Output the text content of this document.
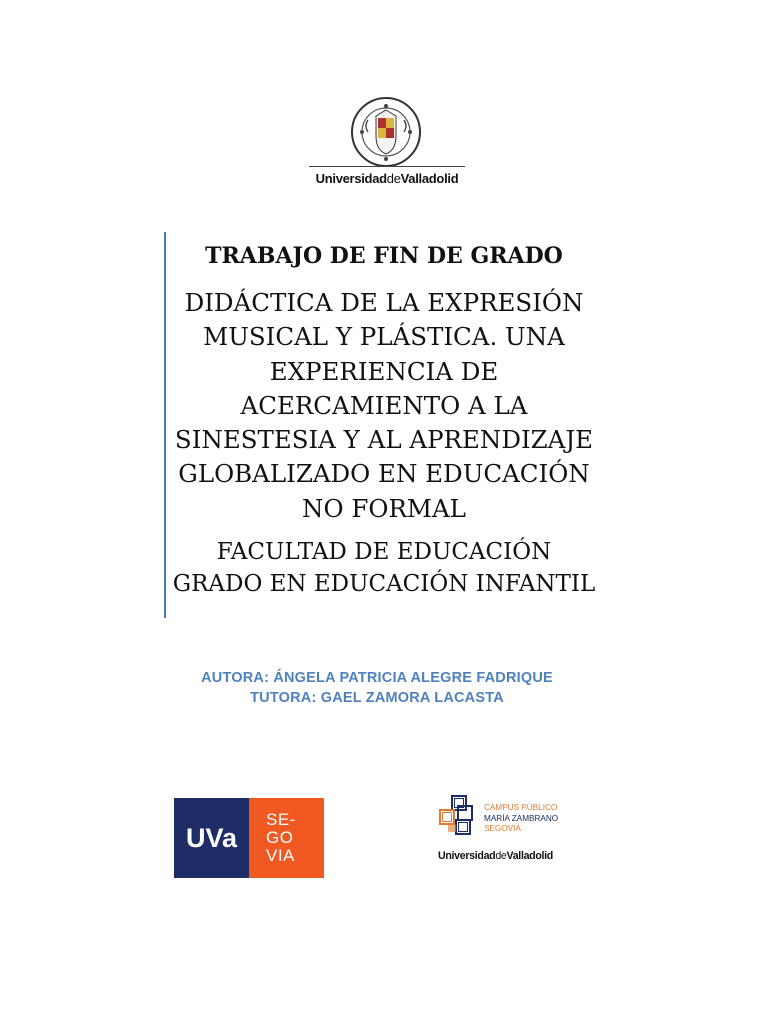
UniversidaddeValladolid
TRABAJO DE FIN DE GRADO
DIDÁCTICA DE LA EXPRESIÓN
MUSICAL Y PLÁSTICA. UNA
EXPERIENCIA DE
ACERCAMIENTO A LA
SINESTESIA Y AL APRENDIZAJE
GLOBALIZADO EN EDUCACIÓN
NO FORMAL
FACULTAD DE EDUCACIÓN
GRADO EN EDUCACIÓN INFANTIL
AUTORA: ÁNGELA PATRICIA ALEGRE FADRIQUE
TUTORA: GAEL ZAMORA LACASTA
UVa
SE-
GO
VIA
CAMPUS PÚBLICO
MARÍA ZAMBRANO
SEGOVIA
UniversidaddeValladolid
